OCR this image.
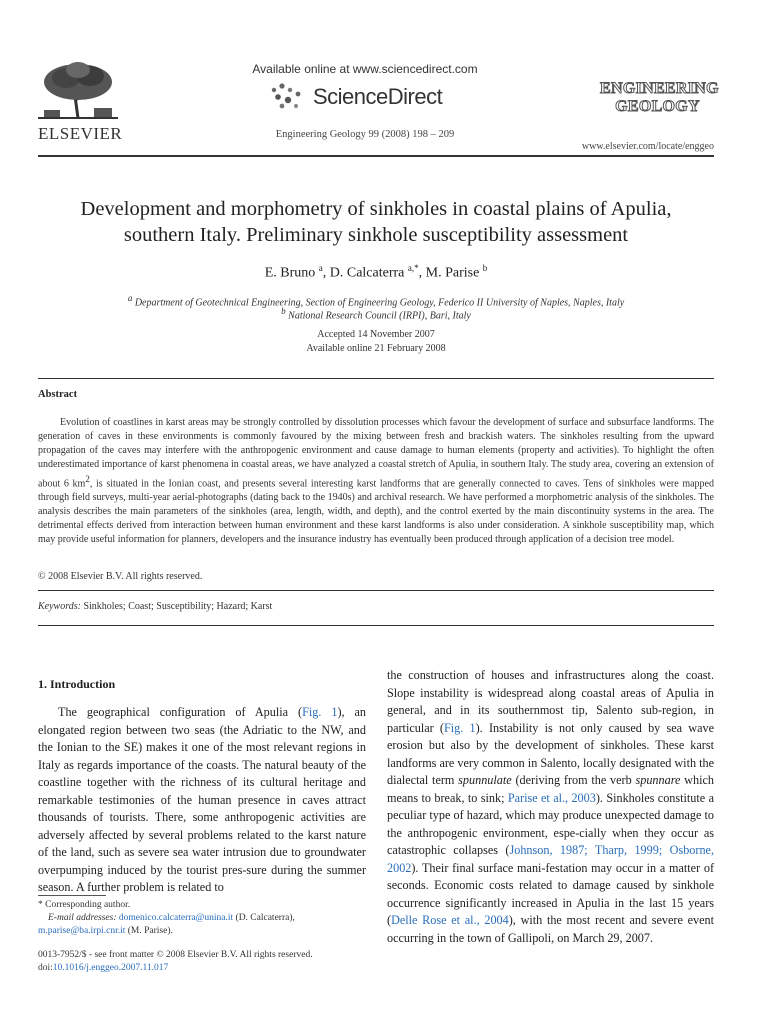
ELSEVIER
Available online at www.sciencedirect.com
ScienceDirect
Engineering Geology 99 (2008) 198 – 209
ENGINEERING
GEOLOGY
www.elsevier.com/locate/enggeo
Development and morphometry of sinkholes in coastal plains of Apulia,
southern Italy. Preliminary sinkhole susceptibility assessment
E. Bruno $^a$, D. Calcaterra $^{a,*}$, M. Parise $^b$
$^a$ Department of Geotechnical Engineering, Section of Engineering Geology, Federico II University of Naples, Naples, Italy
$^b$ National Research Council (IRPI), Bari, Italy
Accepted 14 November 2007
Available online 21 February 2008
Abstract

Evolution of coastlines in karst areas may be strongly controlled by dissolution processes which favour the development of surface and subsurface landforms. The generation of caves in these environments is commonly favoured by the mixing between fresh and brackish waters. The sinkholes resulting from the upward propagation of the caves may interfere with the anthropogenic environment and cause damage to human elements (property and activities). To highlight the often underestimated importance of karst phenomena in coastal areas, we have analyzed a coastal stretch of Apulia, in southern Italy. The study area, covering an extension of about 6 $km^2$, is situated in the Ionian coast, and presents several interesting karst landforms that are generally connected to caves. Tens of sinkholes were mapped through field surveys, multi-year aerial-photographs (dating back to the 1940s) and archival research. We have performed a morphometric analysis of the sinkholes. The analysis describes the main parameters of the sinkholes (area, length, width, and depth), and the control exerted by the main discontinuity systems in the area. The detrimental effects derived from interaction between human environment and these karst landforms is also under consideration. A sinkhole susceptibility map, which may provide useful information for planners, developers and the insurance industry has eventually been produced through application of a decision tree model.

© 2008 Elsevier B.V. All rights reserved.
Keywords: Sinkholes; Coast; Susceptibility; Hazard; Karst
1. Introduction

The geographical configuration of Apulia (Fig. 1), an elongated region between two seas (the Adriatic to the NW, and the Ionian to the SE) makes it one of the most relevant regions in Italy as regards importance of the coasts. The natural beauty of the coastline together with the richness of its cultural heritage and remarkable testimonies of the human presence in caves attract thousands of tourists. There, some anthropogenic activities are adversely affected by several problems related to the karst nature of the land, such as severe sea water intrusion due to groundwater overpumping induced by the tourist pres-sure during the summer season. A further problem is related to

the construction of houses and infrastructures along the coast. Slope instability is widespread along coastal areas of Apulia in general, and in its southernmost tip, Salento sub-region, in particular (Fig. 1). Instability is not only caused by sea wave erosion but also by the development of sinkholes. These karst landforms are very common in Salento, locally designated with the dialectal term spunnulate (deriving from the verb spunnare which means to break, to sink; Parise et al., 2003). Sinkholes constitute a peculiar type of hazard, which may produce unexpected damage to the anthropogenic environment, espe-cially when they occur as catastrophic collapses (Johnson, 1987; Tharp, 1999; Osborne, 2002). Their final surface mani-festation may occur in a matter of seconds. Economic costs related to damage caused by sinkhole occurrence significantly increased in Apulia in the last 15 years (Delle Rose et al., 2004), with the most recent and severe event occurring in the town of Gallipoli, on March 29, 2007.

* Corresponding author.
E-mail addresses: domenico.calcaterra@unina.it (D. Calcaterra),
m.parise@ba.irpi.cnr.it (M. Parise).
0013-7952/$ - see front matter © 2008 Elsevier B.V. All rights reserved.
doi:10.1016/j.enggeo.2007.11.017
